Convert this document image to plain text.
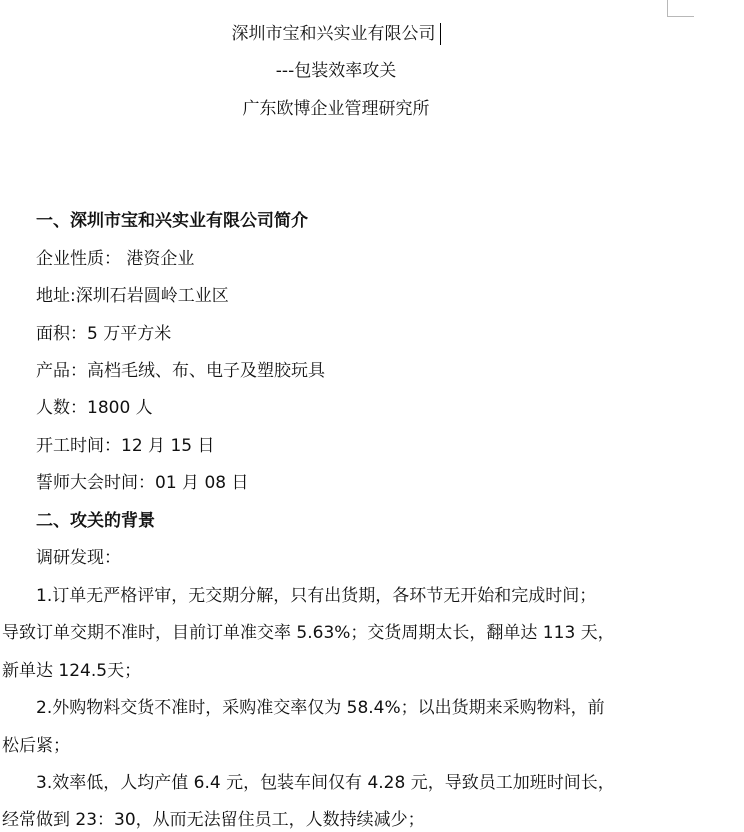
深圳市宝和兴实业有限公司
---包装效率攻关
广东欧博企业管理研究所
一、深圳市宝和兴实业有限公司简介
企业性质： 港资企业
地址:深圳石岩圆岭工业区
面积：5 万平方米
产品：高档毛绒、布、电子及塑胶玩具
人数：1800 人
开工时间：12 月 15 日
誓师大会时间：01 月 08 日
二、攻关的背景
调研发现：
1.订单无严格评审，无交期分解，只有出货期，各环节无开始和完成时间；
导致订单交期不准时，目前订单准交率 5.63%；交货周期太长，翻单达 113 天，
新单达 124.5天；
2.外购物料交货不准时，采购准交率仅为 58.4%；以出货期来采购物料，前
松后紧；
3.效率低，人均产值 6.4 元，包装车间仅有 4.28 元，导致员工加班时间长，
经常做到 23：30，从而无法留住员工，人数持续减少；
